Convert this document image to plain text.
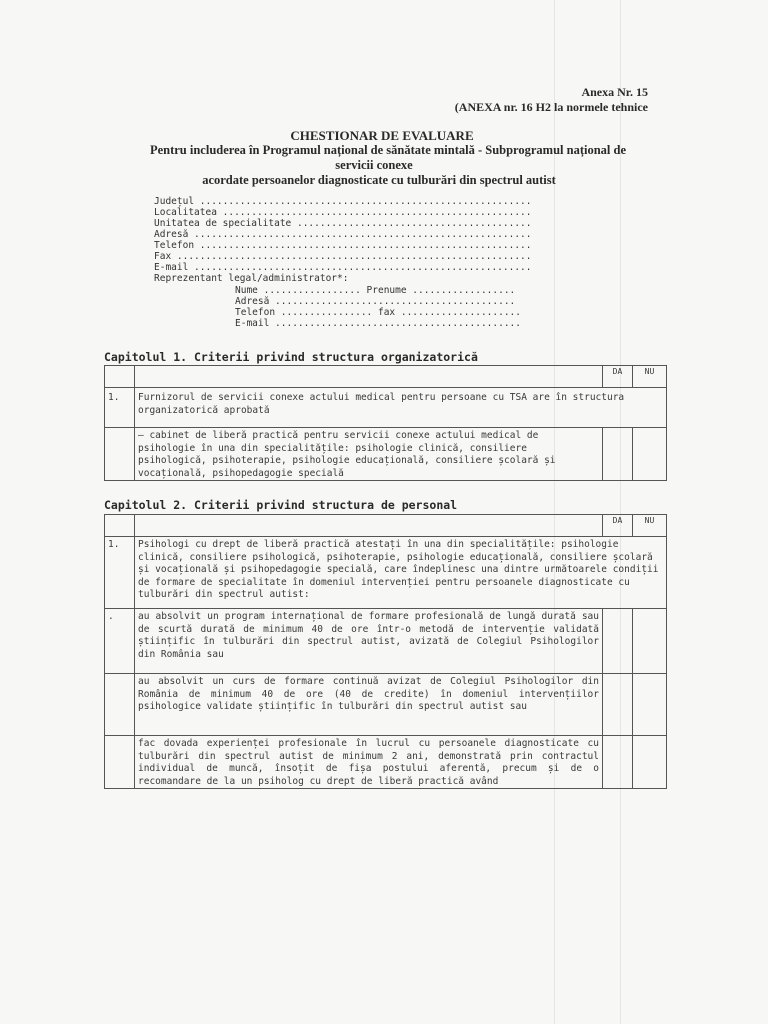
Anexa Nr. 15
(ANEXA nr. 16 H2 la normele tehnice
CHESTIONAR DE EVALUARE
Pentru includerea în Programul național de sănătate mintală - Subprogramul național de
servicii conexe
acordate persoanelor diagnosticate cu tulburări din spectrul autist
Județul ..........................................................
Localitatea ......................................................
Unitatea de specialitate .........................................
Adresă ...........................................................
Telefon ..........................................................
Fax ..............................................................
E-mail ...........................................................
Reprezentant legal/administrator*:
Nume ................. Prenume ..................
Adresă ..........................................
Telefon ................ fax .....................
E-mail ...........................................
Capitolul 1. Criterii privind structura organizatorică
		DA	NU
1.	Furnizorul de servicii conexe actului medical pentru persoane cu TSA are în structura organizatorică aprobată		
	– cabinet de liberă practică pentru servicii conexe actului medical de psihologie în una din specialitățile: psihologie clinică, consiliere psihologică, psihoterapie, psihologie educațională, consiliere școlară și vocațională, psihopedagogie specială		
Capitolul 2. Criterii privind structura de personal
		DA	NU
1.	Psihologi cu drept de liberă practică atestați în una din specialitățile: psihologie clinică, consiliere psihologică, psihoterapie, psihologie educațională, consiliere școlară și vocațională și psihopedagogie specială, care îndeplinesc una dintre următoarele condiții de formare de specialitate în domeniul intervenției pentru persoanele diagnosticate cu tulburări din spectrul autist:		
.	au absolvit un program internațional de formare profesională de lungă durată sau de scurtă durată de minimum 40 de ore într-o metodă de intervenție validată științific în tulburări din spectrul autist, avizată de Colegiul Psihologilor din România sau		
	au absolvit un curs de formare continuă avizat de Colegiul Psihologilor din România de minimum 40 de ore (40 de credite) în domeniul intervențiilor psihologice validate științific în tulburări din spectrul autist sau		
	fac dovada experienței profesionale în lucrul cu persoanele diagnosticate cu tulburări din spectrul autist de minimum 2 ani, demonstrată prin contractul individual de muncă, însoțit de fișa postului aferentă, precum și de o recomandare de la un psiholog cu drept de liberă practică având		
